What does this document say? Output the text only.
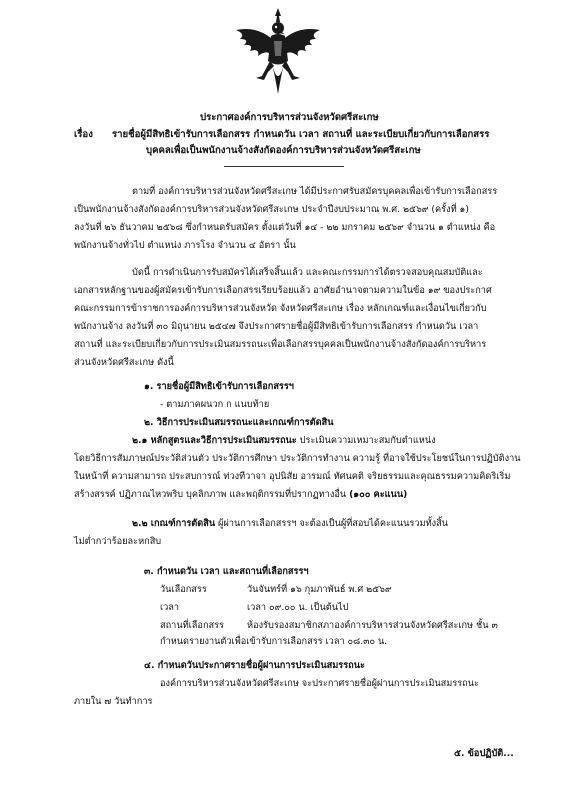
ประกาศองค์การบริหารส่วนจังหวัดศรีสะเกษ
เรื่อง รายชื่อผู้มีสิทธิเข้ารับการเลือกสรร กำหนดวัน เวลา สถานที่ และระเบียบเกี่ยวกับการเลือกสรร
บุคคลเพื่อเป็นพนักงานจ้างสังกัดองค์การบริหารส่วนจังหวัดศรีสะเกษ
ตามที่ องค์การบริหารส่วนจังหวัดศรีสะเกษ ได้มีประกาศรับสมัครบุคคลเพื่อเข้ารับการเลือกสรร
เป็นพนักงานจ้างสังกัดองค์การบริหารส่วนจังหวัดศรีสะเกษ ประจำปีงบประมาณ พ.ศ. ๒๕๖๙ (ครั้งที่ ๑)
ลงวันที่ ๒๖ ธันวาคม ๒๕๖๘ ซึ่งกำหนดรับสมัคร ตั้งแต่วันที่ ๑๔ - ๒๒ มกราคม ๒๕๖๙ จำนวน ๑ ตำแหน่ง คือ
พนักงานจ้างทั่วไป ตำแหน่ง ภารโรง จำนวน ๔ อัตรา นั้น
บัดนี้ การดำเนินการรับสมัครได้เสร็จสิ้นแล้ว และคณะกรรมการได้ตรวจสอบคุณสมบัติและ
เอกสารหลักฐานของผู้สมัครเข้ารับการเลือกสรรเรียบร้อยแล้ว อาศัยอำนาจตามความในข้อ ๑๙ ของประกาศ
คณะกรรมการข้าราชการองค์การบริหารส่วนจังหวัด จังหวัดศรีสะเกษ เรื่อง หลักเกณฑ์และเงื่อนไขเกี่ยวกับ
พนักงานจ้าง ลงวันที่ ๓๐ มิถุนายน ๒๕๔๗ จึงประกาศรายชื่อผู้มีสิทธิเข้ารับการเลือกสรร กำหนดวัน เวลา
สถานที่ และระเบียบเกี่ยวกับการประเมินสมรรถนะเพื่อเลือกสรรบุคคลเป็นพนักงานจ้างสังกัดองค์การบริหาร
ส่วนจังหวัดศรีสะเกษ ดังนี้
๑. รายชื่อผู้มีสิทธิเข้ารับการเลือกสรรฯ
- ตามภาคผนวก ก แนบท้าย
๒. วิธีการประเมินสมรรถนะและเกณฑ์การตัดสิน
๒.๑ หลักสูตรและวิธีการประเมินสมรรถนะ ประเมินความเหมาะสมกับตำแหน่ง
โดยวิธีการสัมภาษณ์ประวัติส่วนตัว ประวัติการศึกษา ประวัติการทำงาน ความรู้ ที่อาจใช้ประโยชน์ในการปฏิบัติงาน
ในหน้าที่ ความสามารถ ประสบการณ์ ท่วงทีวาจา อุปนิสัย อารมณ์ ทัศนคติ จริยธรรมและคุณธรรมความคิดริเริ่ม
สร้างสรรค์ ปฏิภาณไหวพริบ บุคลิกภาพ และพฤติกรรมที่ปรากฏทางอื่น (๑๐๐ คะแนน)
๒.๒ เกณฑ์การตัดสิน ผู้ผ่านการเลือกสรรฯ จะต้องเป็นผู้ที่สอบได้คะแนนรวมทั้งสิ้น
ไม่ต่ำกว่าร้อยละหกสิบ
๓. กำหนดวัน เวลา และสถานที่เลือกสรรฯ
วันเลือกสรร	วันจันทร์ที่ ๑๖ กุมภาพันธ์ พ.ศ ๒๕๖๙
เวลา	เวลา ๐๙.๐๐ น. เป็นต้นไป
สถานที่เลือกสรร	ห้องรับรองสมาชิกสภาองค์การบริหารส่วนจังหวัดศรีสะเกษ ชั้น ๓
กำหนดรายงานตัวเพื่อเข้ารับการเลือกสรร เวลา ๐๘.๓๐ น.
๔. กำหนดวันประกาศรายชื่อผู้ผ่านการประเมินสมรรถนะ
องค์การบริหารส่วนจังหวัดศรีสะเกษ จะประกาศรายชื่อผู้ผ่านการประเมินสมรรถนะ
ภายใน ๗ วันทำการ
๕. ข้อปฏิบัติ...
